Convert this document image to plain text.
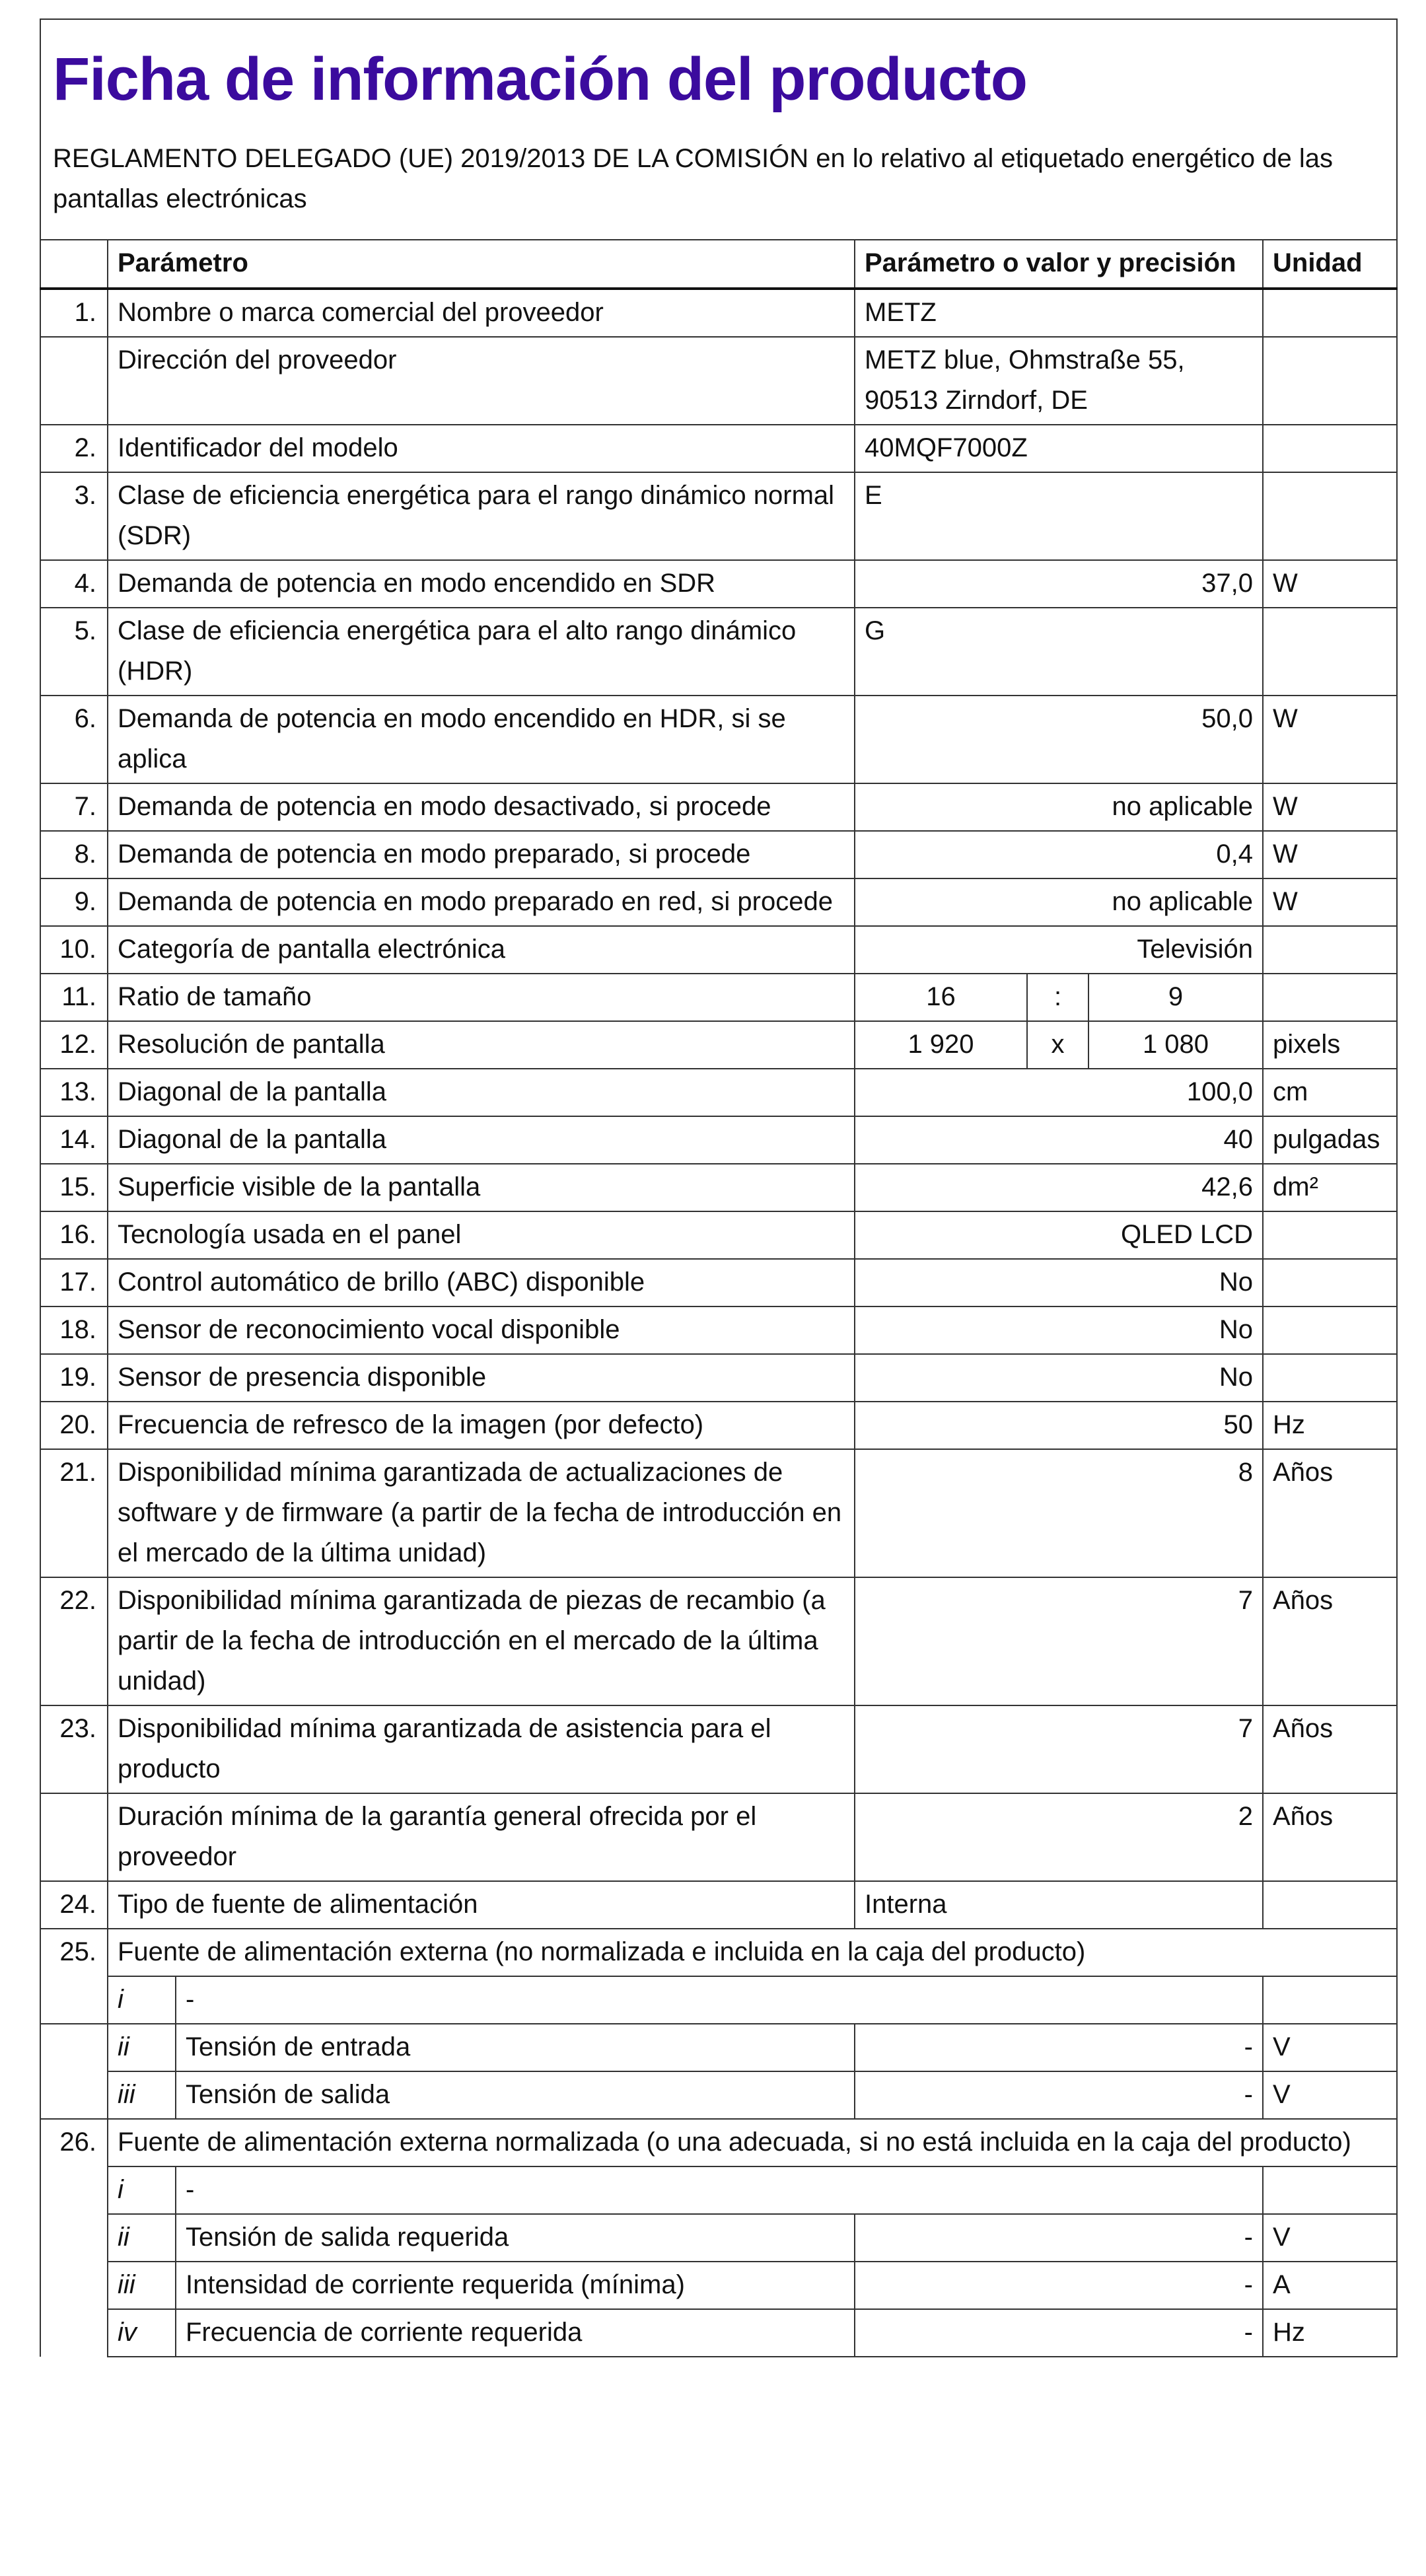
Ficha de información del producto
REGLAMENTO DELEGADO (UE) 2019/2013 DE LA COMISIÓN en lo relativo al etiquetado energético de las pantallas electrónicas						

	Parámetro		Parámetro o valor y precisión			Unidad
1.	Nombre o marca comercial del proveedor		METZ			
	Dirección del proveedor		METZ blue, Ohmstraße 55, 90513 Zirndorf, DE			
2.	Identificador del modelo		40MQF7000Z			
3.	Clase de eficiencia energética para el rango dinámico normal (SDR)		E			
4.	Demanda de potencia en modo encendido en SDR		37,0			W
5.	Clase de eficiencia energética para el alto rango dinámico (HDR)		G			
6.	Demanda de potencia en modo encendido en HDR, si se aplica		50,0			W
7.	Demanda de potencia en modo desactivado, si procede		no aplicable			W
8.	Demanda de potencia en modo preparado, si procede		0,4			W
9.	Demanda de potencia en modo preparado en red, si procede		no aplicable			W
10.	Categoría de pantalla electrónica		Televisión			
11.	Ratio de tamaño		16	:	9	
12.	Resolución de pantalla		1 920	x	1 080	pixels
13.	Diagonal de la pantalla		100,0			cm
14.	Diagonal de la pantalla		40			pulgadas
15.	Superficie visible de la pantalla		42,6			dm²
16.	Tecnología usada en el panel		QLED LCD			
17.	Control automático de brillo (ABC) disponible		No			
18.	Sensor de reconocimiento vocal disponible		No			
19.	Sensor de presencia disponible		No			
20.	Frecuencia de refresco de la imagen (por defecto)		50			Hz
21.	Disponibilidad mínima garantizada de actualizaciones de software y de firmware (a partir de la fecha de introducción en el mercado de la última unidad)		8			Años
22.	Disponibilidad mínima garantizada de piezas de recambio (a partir de la fecha de introducción en el mercado de la última unidad)		7			Años
23.	Disponibilidad mínima garantizada de asistencia para el producto		7			Años
	Duración mínima de la garantía general ofrecida por el proveedor		2			Años
24.	Tipo de fuente de alimentación		Interna			
25.	Fuente de alimentación externa (no normalizada e incluida en la caja del producto)					
	i	-				
	ii	Tensión de entrada	-			V
	iii	Tensión de salida	-			V
26.	Fuente de alimentación externa normalizada (o una adecuada, si no está incluida en la caja del producto)					
	i	-				
	ii	Tensión de salida requerida	-			V
	iii	Intensidad de corriente requerida (mínima)	-			A
	iv	Frecuencia de corriente requerida	-			Hz
